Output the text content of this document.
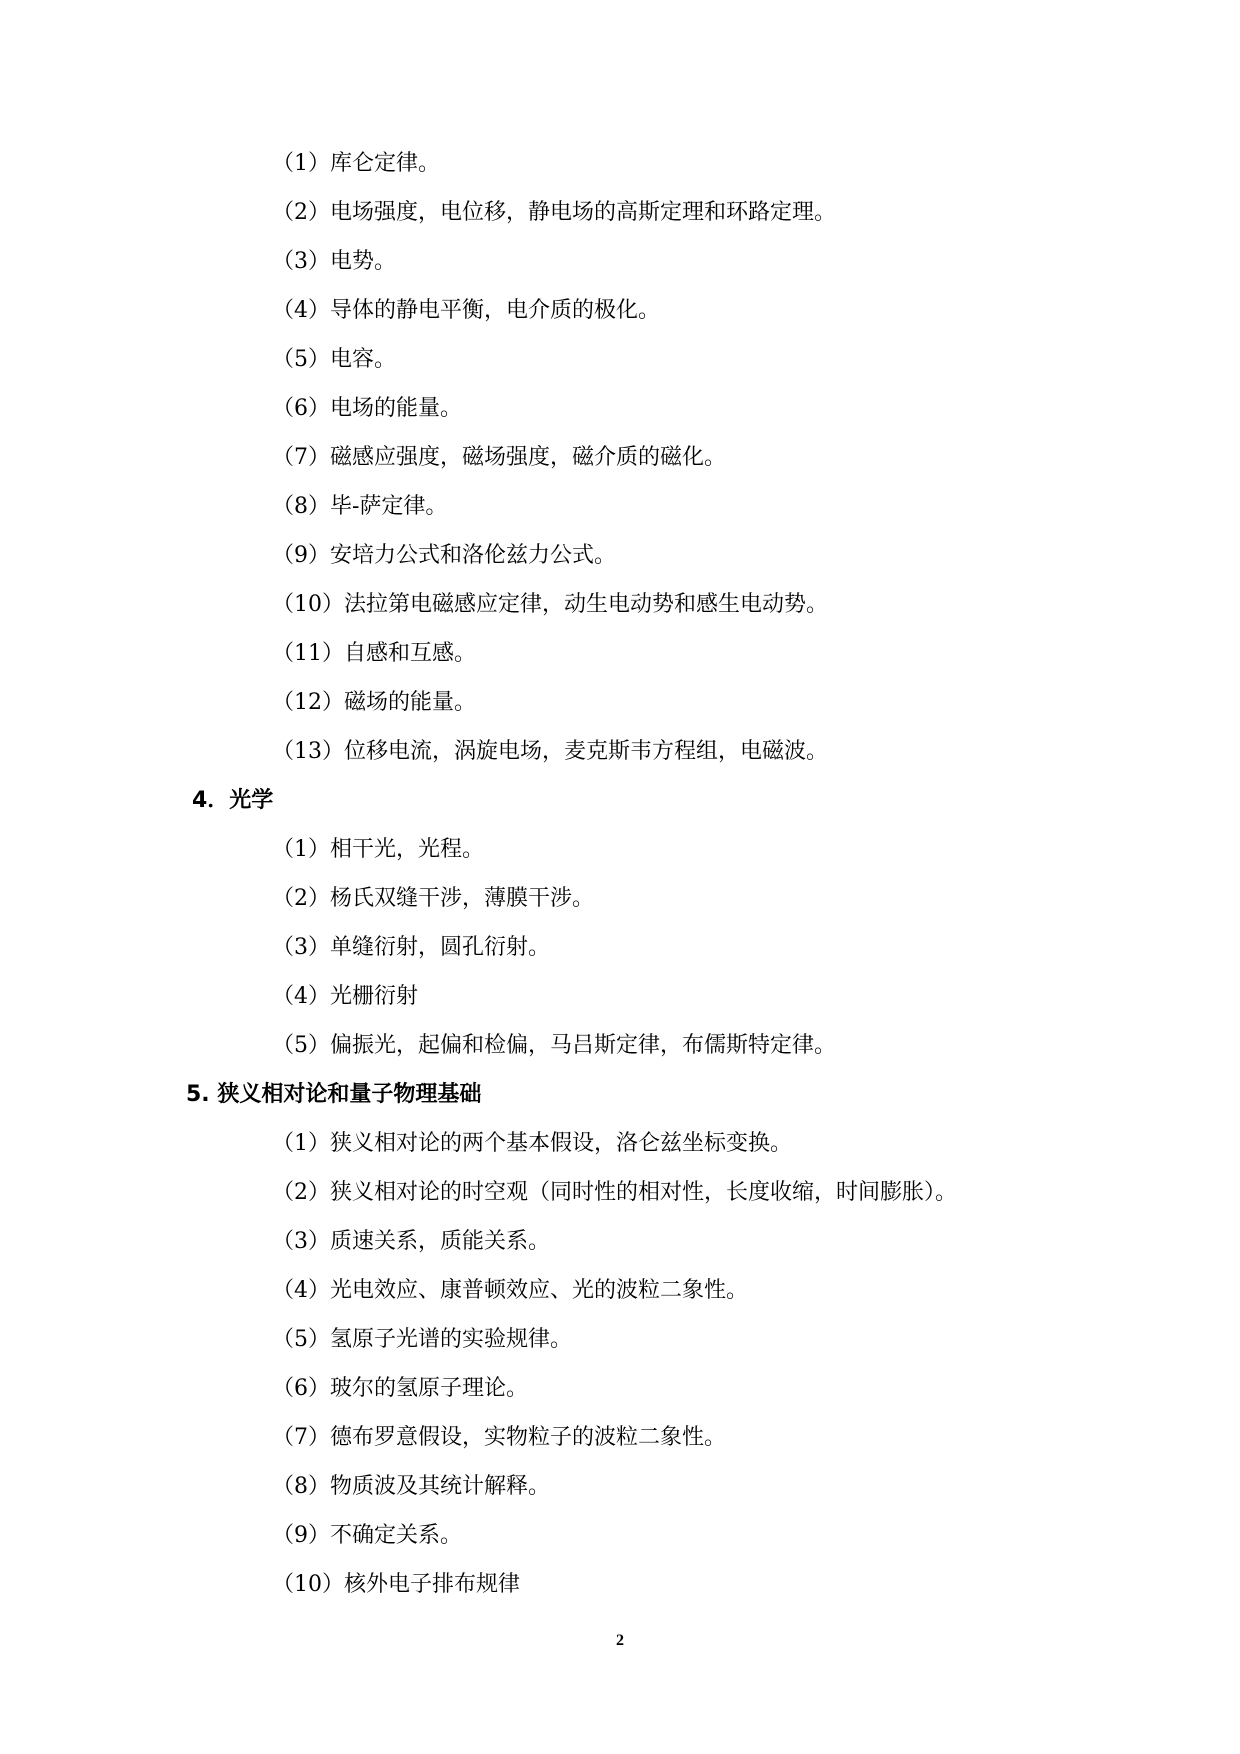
（1）库仑定律。
（2）电场强度，电位移，静电场的高斯定理和环路定理。
（3）电势。
（4）导体的静电平衡，电介质的极化。
（5）电容。
（6）电场的能量。
（7）磁感应强度，磁场强度，磁介质的磁化。
（8）毕-萨定律。
（9）安培力公式和洛伦兹力公式。
（10）法拉第电磁感应定律，动生电动势和感生电动势。
（11）自感和互感。
（12）磁场的能量。
（13）位移电流，涡旋电场，麦克斯韦方程组，电磁波。
4．光学
（1）相干光，光程。
（2）杨氏双缝干涉，薄膜干涉。
（3）单缝衍射，圆孔衍射。
（4）光栅衍射
（5）偏振光，起偏和检偏，马吕斯定律，布儒斯特定律。
5. 狭义相对论和量子物理基础
（1）狭义相对论的两个基本假设，洛仑兹坐标变换。
（2）狭义相对论的时空观（同时性的相对性，长度收缩，时间膨胀）。
（3）质速关系，质能关系。
（4）光电效应、康普顿效应、光的波粒二象性。
（5）氢原子光谱的实验规律。
（6）玻尔的氢原子理论。
（7）德布罗意假设，实物粒子的波粒二象性。
（8）物质波及其统计解释。
（9）不确定关系。
（10）核外电子排布规律
2
